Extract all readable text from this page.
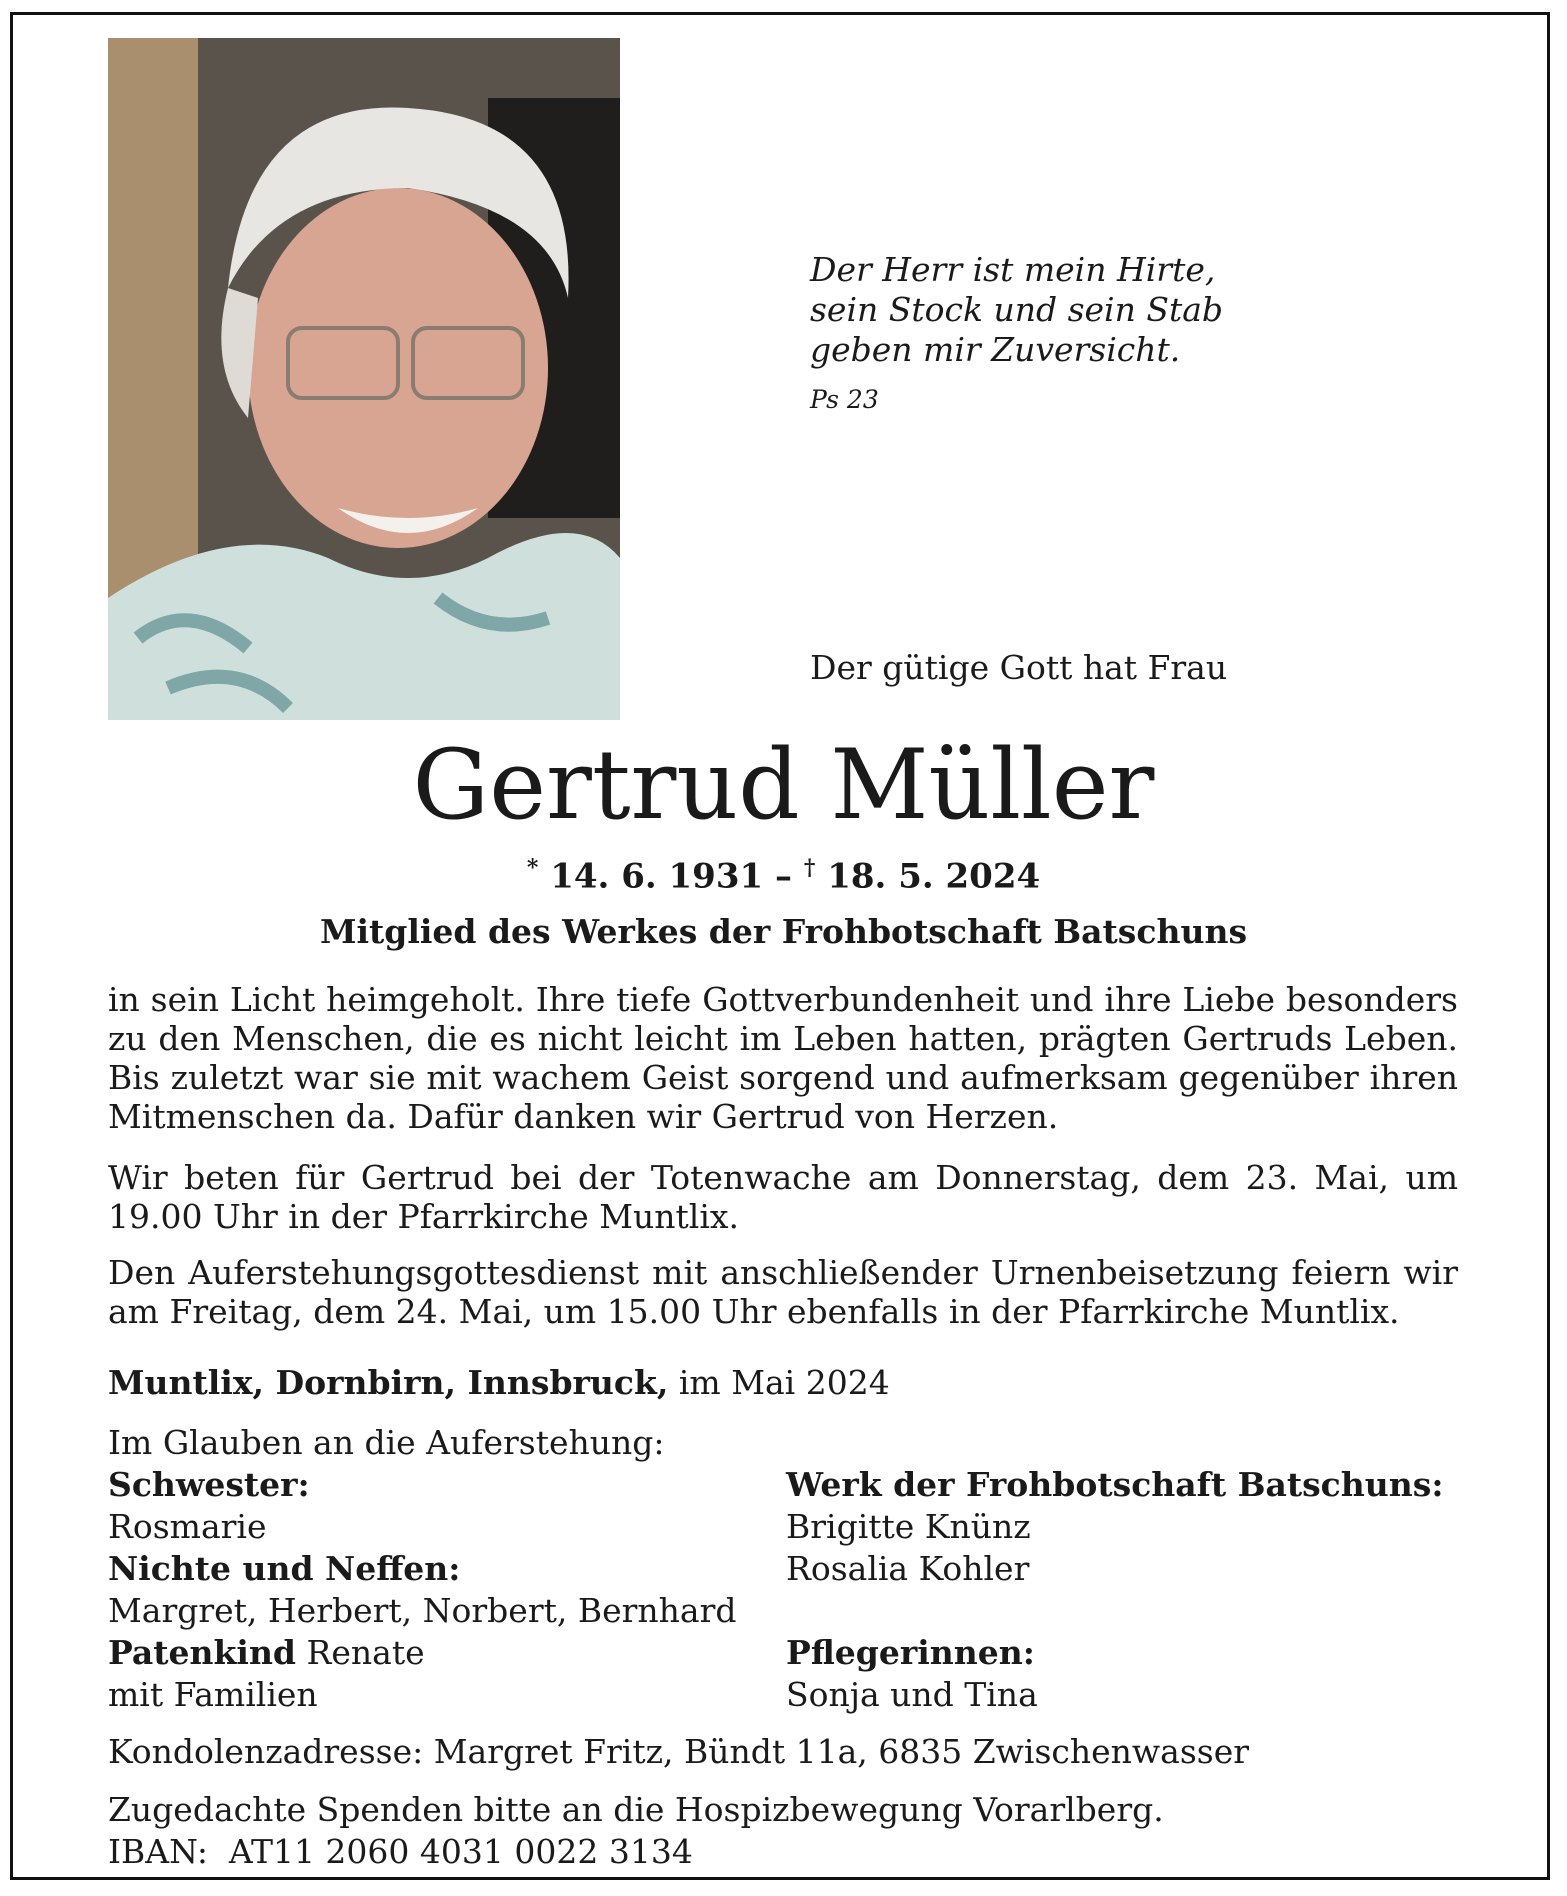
Der Herr ist mein Hirte,
sein Stock und sein Stab
geben mir Zuversicht.
Ps 23
Der gütige Gott hat Frau
Gertrud Müller
* 14. 6. 1931 – † 18. 5. 2024
Mitglied des Werkes der Frohbotschaft Batschuns
in sein Licht heimgeholt. Ihre tiefe Gottverbundenheit und ihre Liebe besonders zu den Menschen, die es nicht leicht im Leben hatten, prägten Gertruds Leben. Bis zuletzt war sie mit wachem Geist sorgend und aufmerksam gegenüber ihren Mitmenschen da. Dafür danken wir Gertrud von Herzen.
Wir beten für Gertrud bei der Totenwache am Donnerstag, dem 23. Mai, um 19.00 Uhr in der Pfarrkirche Muntlix.
Den Auferstehungsgottesdienst mit anschließender Urnenbeisetzung feiern wir am Freitag, dem 24. Mai, um 15.00 Uhr ebenfalls in der Pfarrkirche Muntlix.
Muntlix, Dornbirn, Innsbruck, im Mai 2024
Im Glauben an die Auferstehung:
Schwester:
Rosmarie
Nichte und Neffen:
Margret, Herbert, Norbert, Bernhard
Patenkind Renate
mit Familien
Werk der Frohbotschaft Batschuns:
Brigitte Knünz
Rosalia Kohler
Pflegerinnen:
Sonja und Tina
Kondolenzadresse: Margret Fritz, Bündt 11a, 6835 Zwischenwasser
Zugedachte Spenden bitte an die Hospizbewegung Vorarlberg.
IBAN:  AT11 2060 4031 0022 3134
